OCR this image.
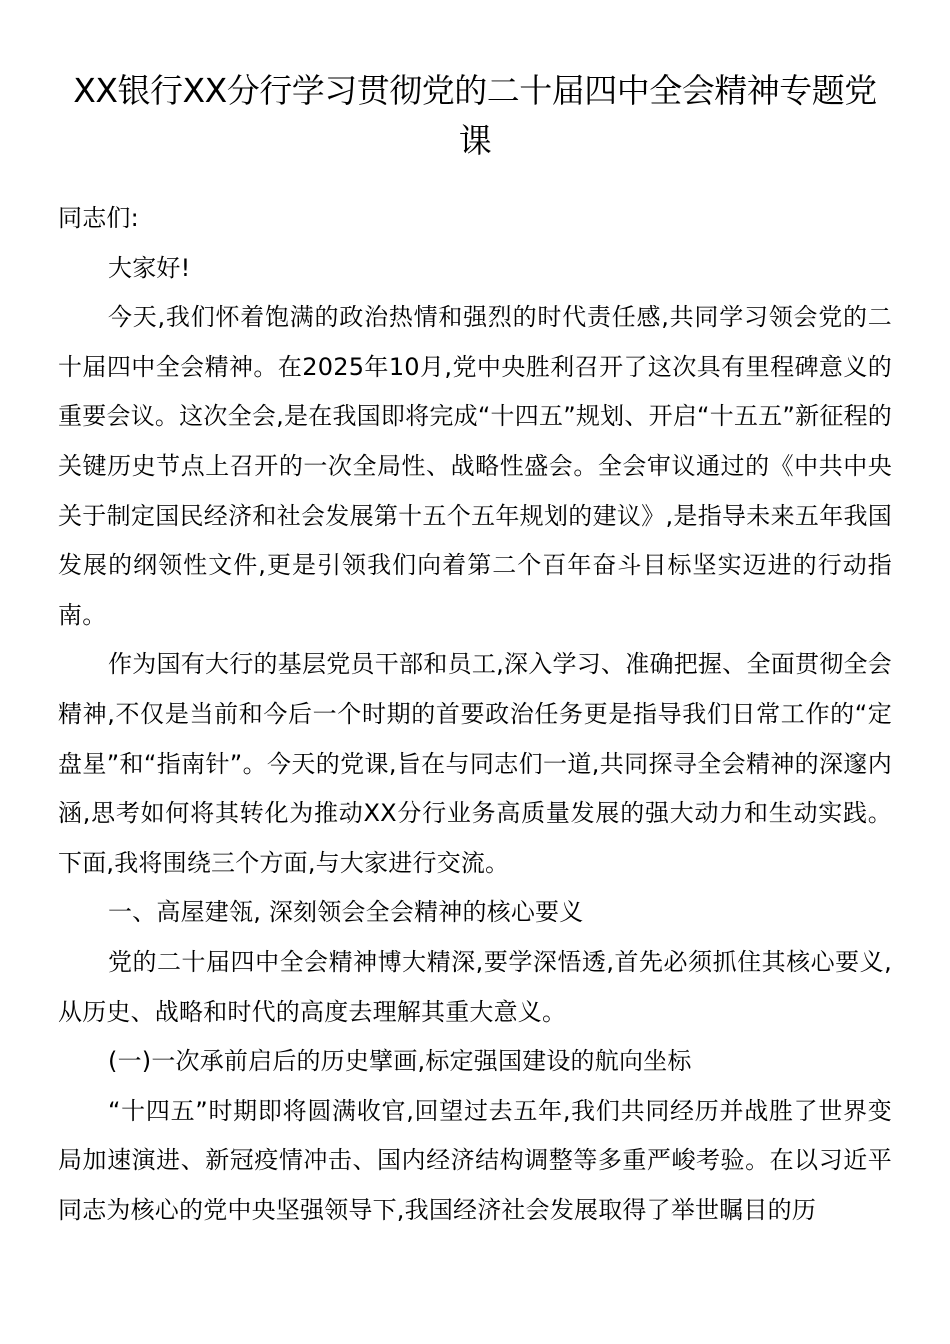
XX银行XX分行学习贯彻党的二十届四中全会精神专题党课

同志们:

大家好!

今天,我们怀着饱满的政治热情和强烈的时代责任感,共同学习领会党的二十届四中全会精神。在2025年10月,党中央胜利召开了这次具有里程碑意义的重要会议。这次全会,是在我国即将完成“十四五”规划、开启“十五五”新征程的关键历史节点上召开的一次全局性、战略性盛会。全会审议通过的《中共中央关于制定国民经济和社会发展第十五个五年规划的建议》,是指导未来五年我国发展的纲领性文件,更是引领我们向着第二个百年奋斗目标坚实迈进的行动指南。

作为国有大行的基层党员干部和员工,深入学习、准确把握、全面贯彻全会精神,不仅是当前和今后一个时期的首要政治任务更是指导我们日常工作的“定盘星”和“指南针”。今天的党课,旨在与同志们一道,共同探寻全会精神的深邃内涵,思考如何将其转化为推动XX分行业务高质量发展的强大动力和生动实践。下面,我将围绕三个方面,与大家进行交流。

一、高屋建瓴, 深刻领会全会精神的核心要义

党的二十届四中全会精神博大精深,要学深悟透,首先必须抓住其核心要义,从历史、战略和时代的高度去理解其重大意义。

(一)一次承前启后的历史擘画,标定强国建设的航向坐标

“十四五”时期即将圆满收官,回望过去五年,我们共同经历并战胜了世界变局加速演进、新冠疫情冲击、国内经济结构调整等多重严峻考验。在以习近平同志为核心的党中央坚强领导下,我国经济社会发展取得了举世瞩目的历
